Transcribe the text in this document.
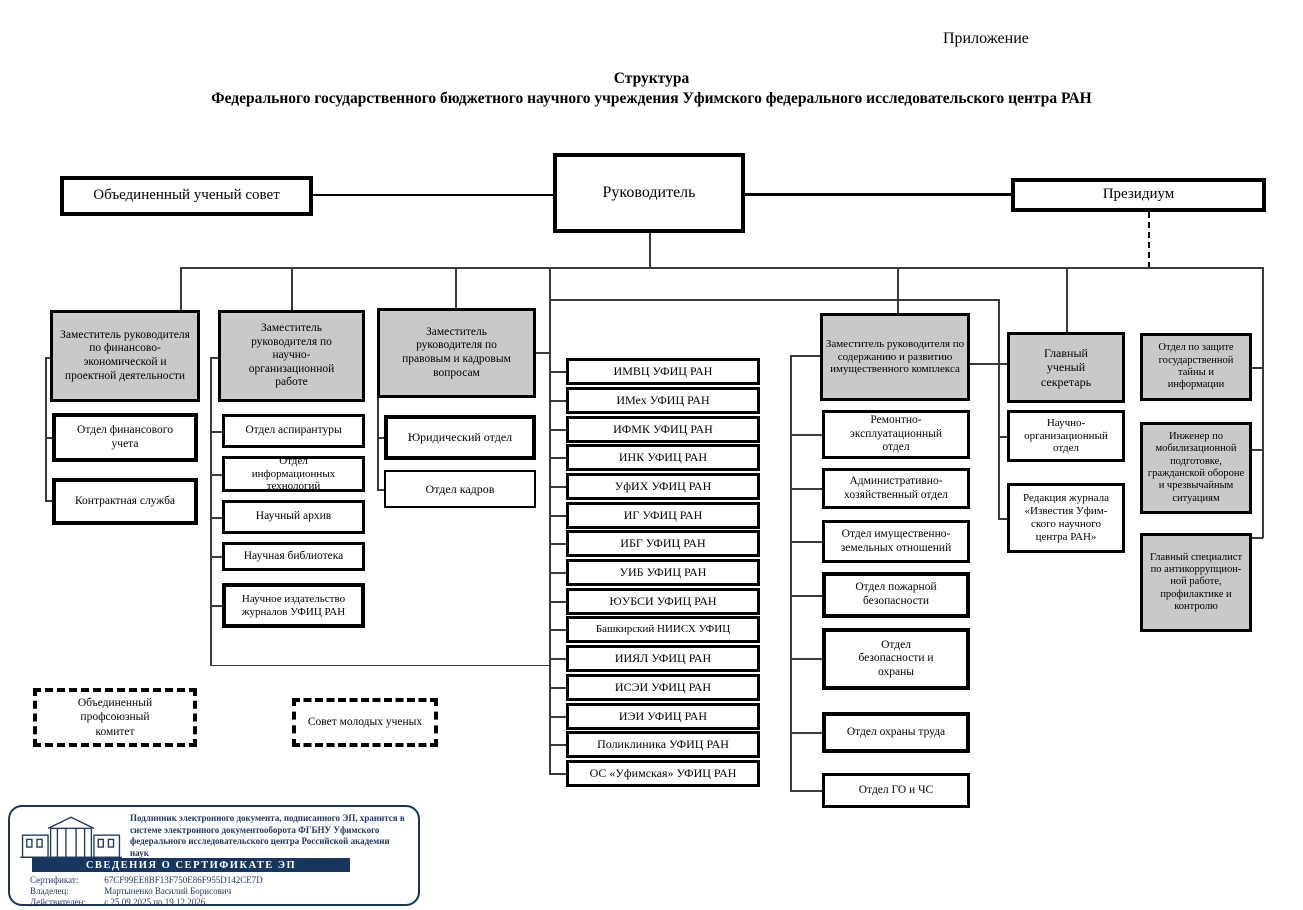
Приложение
Структура
Федерального государственного бюджетного научного учреждения Уфимского федерального исследовательского центра РАН
Объединенный ученый совет	Руководитель	Президиум
Заместитель руководителя по финансово-экономической и проектной деятельности
Заместитель руководителя по научно-организационной работе
Заместитель руководителя по правовым и кадровым вопросам
Заместитель руководителя по содержанию и развитию имущественного комплекса
Главный ученый секретарь
Отдел финансового учета
Контрактная служба
Отдел аспирантуры
Отдел информационных технологий
Научный архив
Научная библиотека
Научное издательство журналов УФИЦ РАН
Юридический отдел
Отдел кадров
ИМВЦ УФИЦ РАН
ИМех УФИЦ РАН
ИФМК УФИЦ РАН
ИНК УФИЦ РАН
УфИХ УФИЦ РАН
ИГ УФИЦ РАН
ИБГ УФИЦ РАН
УИБ УФИЦ РАН
ЮУБСИ УФИЦ РАН
Башкирский НИИСХ УФИЦ
ИИЯЛ УФИЦ РАН
ИСЭИ УФИЦ РАН
ИЭИ УФИЦ РАН
Поликлиника УФИЦ РАН
ОС «Уфимская» УФИЦ РАН
Ремонтно-эксплуатационный отдел
Административно-хозяйственный отдел
Отдел имущественно-земельных отношений
Отдел пожарной безопасности
Отдел безопасности и охраны
Отдел охраны труда
Отдел ГО и ЧС
Научно-организационный отдел
Редакция журнала «Известия Уфим-ского научного центра РАН»
Отдел по защите государственной тайны и информации
Инженер по мобилизационной подготовке, гражданской обороне и чрезвычайным ситуациям
Главный специалист по антикоррупцион-ной работе, профилактике и контролю
Объединенный профсоюзный комитет
Совет молодых ученых
Подлинник электронного документа, подписанного ЭП, хранится в системе электронного документооборота ФГБНУ Уфимского федерального исследовательского центра Российской академии наук
СВЕДЕНИЯ О СЕРТИФИКАТЕ ЭП
Сертификат:	67CF99EE8BF13F750E86F955D142CE7D
Владелец:	Мартыненко Василий Борисович
Действителен: с 25.09.2025 по 19.12.2026
